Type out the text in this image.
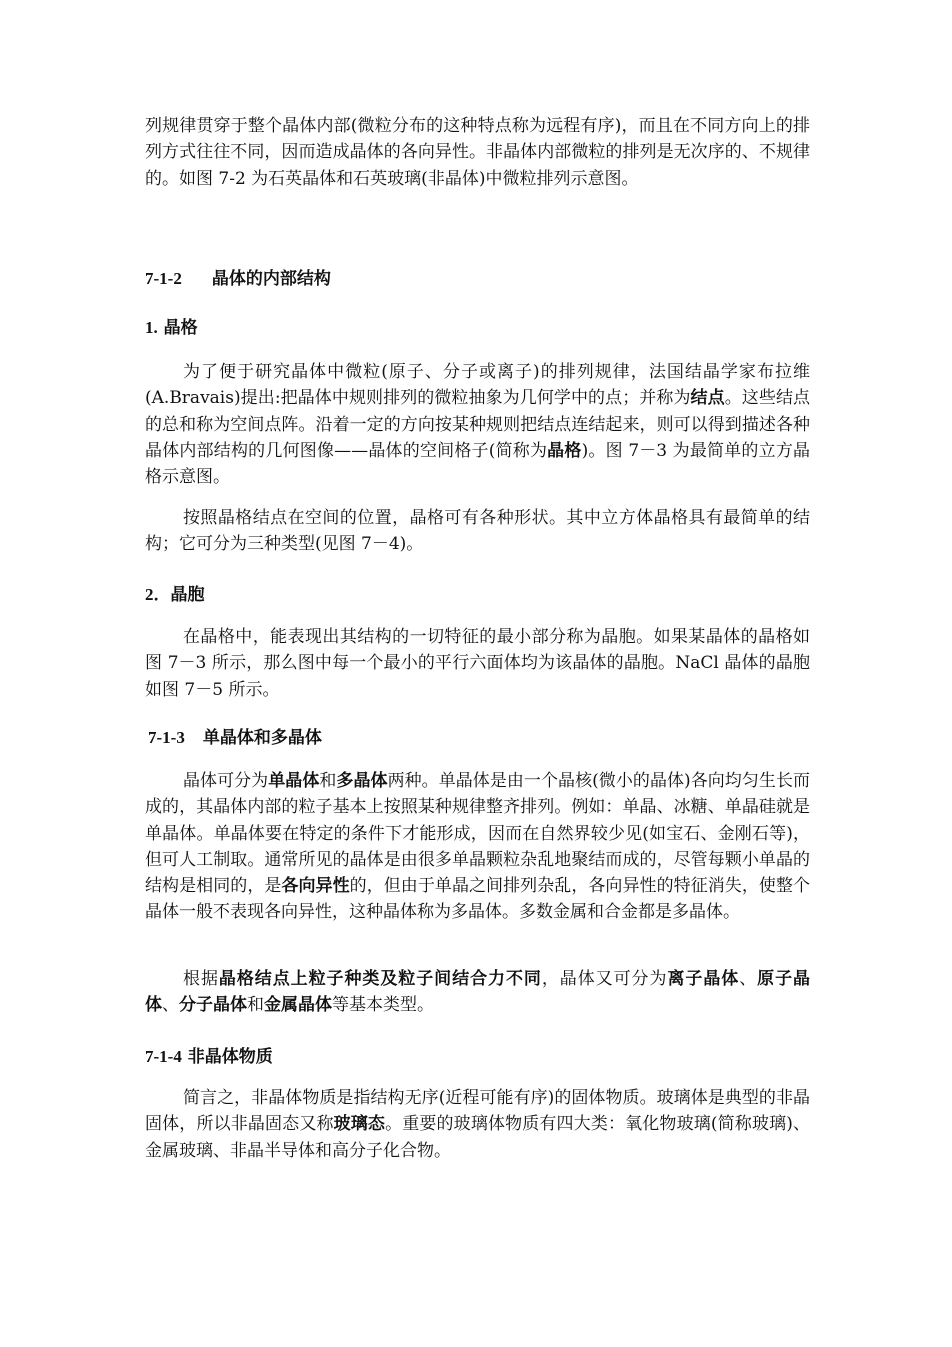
列规律贯穿于整个晶体内部(微粒分布的这种特点称为远程有序)，而且在不同方向上的排列方式往往不同，因而造成晶体的各向异性。非晶体内部微粒的排列是无次序的、不规律的。如图 7-2 为石英晶体和石英玻璃(非晶体)中微粒排列示意图。

7-1-2 晶体的内部结构

1. 晶格

为了便于研究晶体中微粒(原子、分子或离子)的排列规律，法国结晶学家布拉维(A.Bravais)提出:把晶体中规则排列的微粒抽象为几何学中的点；并称为结点。这些结点的总和称为空间点阵。沿着一定的方向按某种规则把结点连结起来，则可以得到描述各种晶体内部结构的几何图像——晶体的空间格子(简称为晶格)。图 7－3 为最简单的立方晶格示意图。

按照晶格结点在空间的位置，晶格可有各种形状。其中立方体晶格具有最简单的结构；它可分为三种类型(见图 7－4)。

2．晶胞

在晶格中，能表现出其结构的一切特征的最小部分称为晶胞。如果某晶体的晶格如图 7－3 所示，那么图中每一个最小的平行六面体均为该晶体的晶胞。NaCl 晶体的晶胞如图 7－5 所示。

7-1-3 单晶体和多晶体

晶体可分为单晶体和多晶体两种。单晶体是由一个晶核(微小的晶体)各向均匀生长而成的，其晶体内部的粒子基本上按照某种规律整齐排列。例如：单晶、冰糖、单晶硅就是单晶体。单晶体要在特定的条件下才能形成，因而在自然界较少见(如宝石、金刚石等)，但可人工制取。通常所见的晶体是由很多单晶颗粒杂乱地聚结而成的，尽管每颗小单晶的结构是相同的，是各向异性的，但由于单晶之间排列杂乱，各向异性的特征消失，使整个晶体一般不表现各向异性，这种晶体称为多晶体。多数金属和合金都是多晶体。

根据晶格结点上粒子种类及粒子间结合力不同，晶体又可分为离子晶体、原子晶体、分子晶体和金属晶体等基本类型。

7-1-4 非晶体物质

简言之，非晶体物质是指结构无序(近程可能有序)的固体物质。玻璃体是典型的非晶固体，所以非晶固态又称玻璃态。重要的玻璃体物质有四大类：氧化物玻璃(简称玻璃)、金属玻璃、非晶半导体和高分子化合物。
